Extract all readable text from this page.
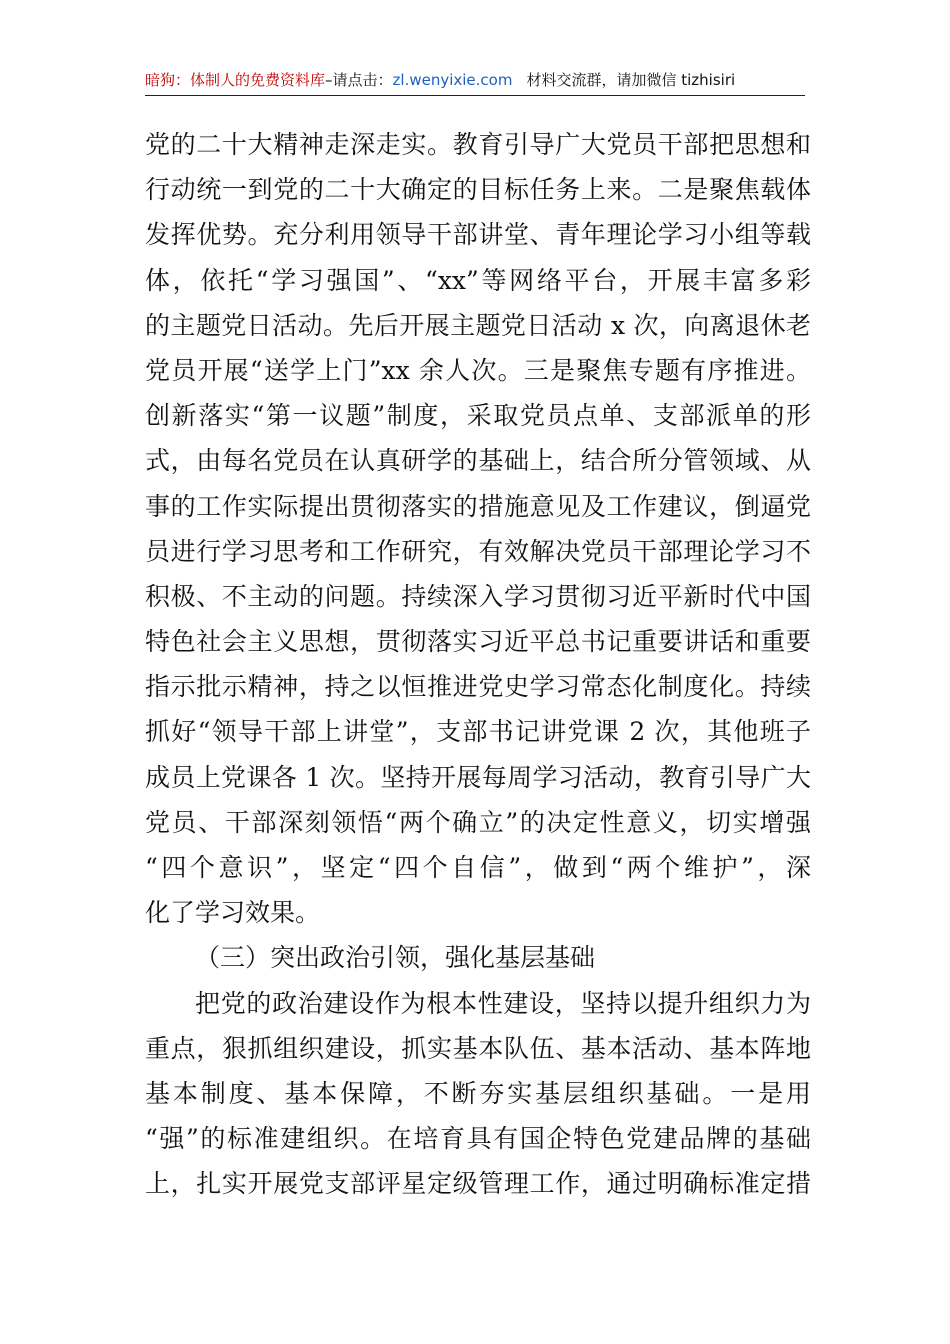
暗狗：体制人的免费资料库–请点击：zl.wenyixie.com 材料交流群，请加微信 tizhisiri
党的二十大精神走深走实。教育引导广大党员干部把思想和
行动统一到党的二十大确定的目标任务上来。二是聚焦载体
发挥优势。充分利用领导干部讲堂、青年理论学习小组等载
体，依托“学习强国”、“xx”等网络平台，开展丰富多彩
的主题党日活动。先后开展主题党日活动 x 次，向离退休老
党员开展“送学上门”xx 余人次。三是聚焦专题有序推进。
创新落实“第一议题”制度，采取党员点单、支部派单的形
式，由每名党员在认真研学的基础上，结合所分管领域、从
事的工作实际提出贯彻落实的措施意见及工作建议，倒逼党
员进行学习思考和工作研究，有效解决党员干部理论学习不
积极、不主动的问题。持续深入学习贯彻习近平新时代中国
特色社会主义思想，贯彻落实习近平总书记重要讲话和重要
指示批示精神，持之以恒推进党史学习常态化制度化。持续
抓好“领导干部上讲堂”，支部书记讲党课 2 次，其他班子
成员上党课各 1 次。坚持开展每周学习活动，教育引导广大
党员、干部深刻领悟“两个确立”的决定性意义，切实增强
“四个意识”，坚定“四个自信”，做到“两个维护”，深
化了学习效果。
（三）突出政治引领，强化基层基础
把党的政治建设作为根本性建设，坚持以提升组织力为
重点，狠抓组织建设，抓实基本队伍、基本活动、基本阵地
基本制度、基本保障，不断夯实基层组织基础。一是用
“强”的标准建组织。在培育具有国企特色党建品牌的基础
上，扎实开展党支部评星定级管理工作，通过明确标准定措
